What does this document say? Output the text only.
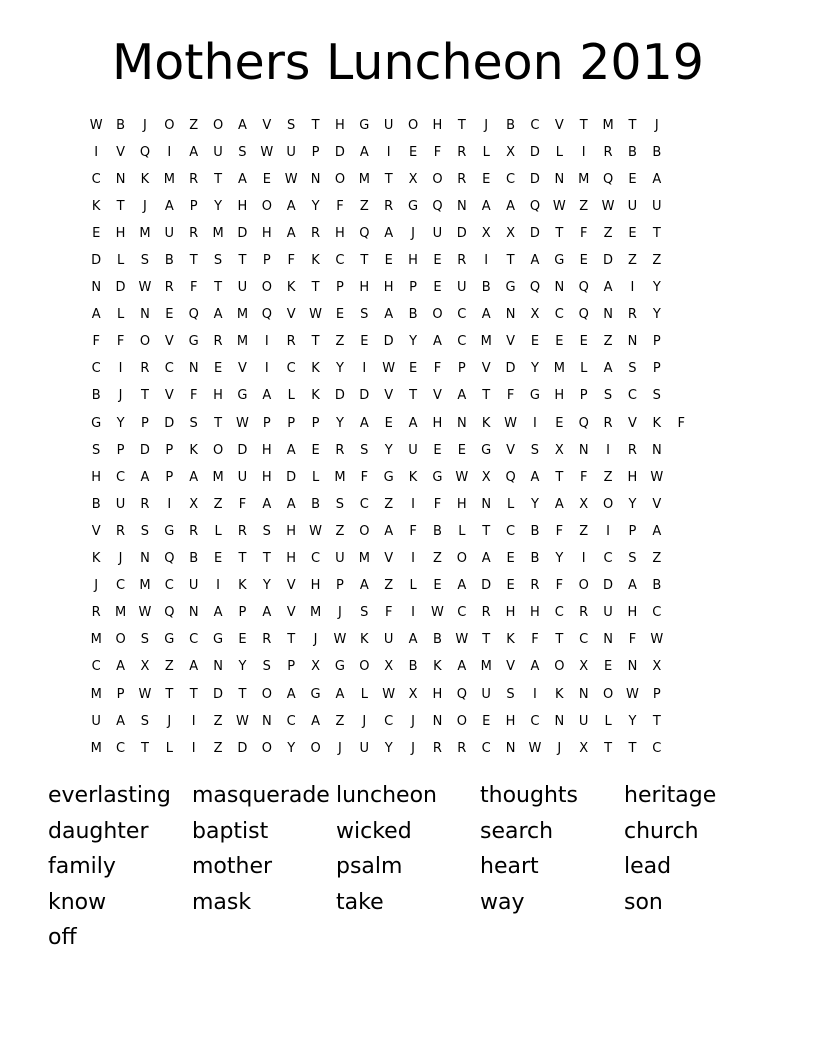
Mothers Luncheon 2019
W	B	J	O	Z	O	A	V	S	T	H	G	U	O	H	T	J	B	C	V	T	M	T	J
I	V	Q	I	A	U	S	W	U	P	D	A	I	E	F	R	L	X	D	L	I	R	B	B
C	N	K	M	R	T	A	E	W	N	O	M	T	X	O	R	E	C	D	N	M	Q	E	A
K	T	J	A	P	Y	H	O	A	Y	F	Z	R	G	Q	N	A	A	Q W	Z	W	U	U
E	H	M	U	R	M	D	H	A	R	H	Q	A	J	U	D	X	X	D	T	F	Z	E	T
D	L	S	B	T	S	T	P	F	K	C	T	E	H	E	R	I	T	A	G	E	D	Z	Z
N	D W	R	F	T	U	O	K	T	P	H	H	P	E	U	B	G	Q	N	Q	A	I	Y
A	L	N	E	Q	A	M	Q	V	W	E	S	A	B	O	C	A	N	X	C	Q	N	R	Y
F	F	O	V	G	R	M	I	R	T	Z	E	D	Y	A	C	M	V	E	E	E	Z	N	P
C	I	R	C	N	E	V	I	C	K	Y	I	W	E	F	P	V	D	Y	M	L	A	S	P
B	J	T	V	F	H	G	A	L	K	D	D	V	T	V	A	T	F	G	H	P	S	C	S
G	Y	P	D	S	T	W	P	P	P	Y	A	E	A	H	N	K	W	I	E	Q	R	V	K	F
S	P	D	P	K	O	D	H	A	E	R	S	Y	U	E	E	G	V	S	X	N	I	R	N
H	C	A	P	A	M	U	H	D	L	M	F	G	K	G W	X	Q	A	T	F	Z	H	W
B	U	R	I	X	Z	F	A	A	B	S	C	Z	I	F	H	N	L	Y	A	X	O	Y	V
V	R	S	G	R	L	R	S	H	W	Z	O	A	F	B	L	T	C	B	F	Z	I	P	A
K	J	N	Q	B	E	T	T	H	C	U	M	V	I	Z	O	A	E	B	Y	I	C	S	Z
J	C	M	C	U	I	K	Y	V	H	P	A	Z	L	E	A	D	E	R	F	O	D	A	B
R	M W Q	N	A	P	A	V	M	J	S	F	I	W	C	R	H	H	C	R	U	H	C
M	O	S	G	C	G	E	R	T	J	W	K	U	A	B	W	T	K	F	T	C	N	F	W
C	A	X	Z	A	N	Y	S	P	X	G	O	X	B	K	A	M	V	A	O	X	E	N	X
M	P	W	T	T	D	T	O	A	G	A	L	W	X	H	Q	U	S	I	K	N	O W	P
U	A	S	J	I	Z	W	N	C	A	Z	J	C	J	N	O	E	H	C	N	U	L	Y	T
M	C	T	L	I	Z	D	O	Y	O	J	U	Y	J	R	R	C	N	W	J	X	T	T	C
everlasting masquerade luncheon	thoughts	heritage
daughter	baptist	wicked	search	church
family	mother	psalm	heart	lead
know	mask	take	way	son
off
